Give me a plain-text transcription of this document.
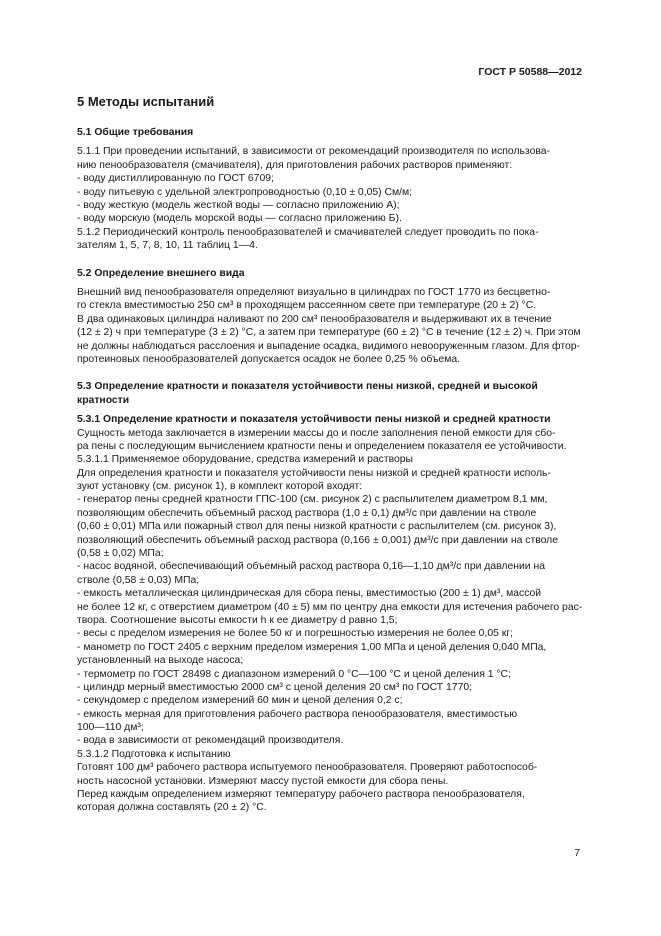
ГОСТ Р 50588—2012
5 Методы испытаний
5.1 Общие требования
5.1.1 При проведении испытаний, в зависимости от рекомендаций производителя по использова-
нию пенообразователя (смачивателя), для приготовления рабочих растворов применяют:
- воду дистиллированную по ГОСТ 6709;
- воду питьевую с удельной электропроводностью (0,10 ± 0,05) См/м;
- воду жесткую (модель жесткой воды — согласно приложению А);
- воду морскую (модель морской воды — согласно приложению Б).
5.1.2 Периодический контроль пенообразователей и смачивателей следует проводить по пока-
зателям 1, 5, 7, 8, 10, 11 таблиц 1—4.
5.2 Определение внешнего вида
Внешний вид пенообразователя определяют визуально в цилиндрах по ГОСТ 1770 из бесцветно-
го стекла вместимостью 250 см³ в проходящем рассеянном свете при температуре (20 ± 2) °С.
В два одинаковых цилиндра наливают по 200 см³ пенообразователя и выдерживают их в течение
(12 ± 2) ч при температуре (3 ± 2) °С, а затем при температуре (60 ± 2) °С в течение (12 ± 2) ч. При этом
не должны наблюдаться расслоения и выпадение осадка, видимого невооруженным глазом. Для фтор-
протеиновых пенообразователей допускается осадок не более 0,25 % объема.
5.3 Определение кратности и показателя устойчивости пены низкой, средней и высокой
кратности
5.3.1 Определение кратности и показателя устойчивости пены низкой и средней кратности
Сущность метода заключается в измерении массы до и после заполнения пеной емкости для сбо-
ра пены с последующим вычислением кратности пены и определением показателя ее устойчивости.
5.3.1.1 Применяемое оборудование, средства измерений и растворы
Для определения кратности и показателя устойчивости пены низкой и средней кратности исполь-
зуют установку (см. рисунок 1), в комплект которой входят:
- генератор пены средней кратности ГПС-100 (см. рисунок 2) с распылителем диаметром 8,1 мм,
позволяющим обеспечить объемный расход раствора (1,0 ± 0,1) дм³/с при давлении на стволе
(0,60 ± 0,01) МПа или пожарный ствол для пены низкой кратности с распылителем (см. рисунок 3),
позволяющий обеспечить объемный расход раствора (0,166 ± 0,001) дм³/с при давлении на стволе
(0,58 ± 0,02) МПа;
- насос водяной, обеспечивающий объемный расход раствора 0,16—1,10 дм³/с при давлении на
стволе (0,58 ± 0,03) МПа;
- емкость металлическая цилиндрическая для сбора пены, вместимостью (200 ± 1) дм³, массой
не более 12 кг, с отверстием диаметром (40 ± 5) мм по центру дна емкости для истечения рабочего рас-
твора. Соотношение высоты емкости h к ее диаметру d равно 1,5;
- весы с пределом измерения не более 50 кг и погрешностью измерения не более 0,05 кг;
- манометр по ГОСТ 2405 с верхним пределом измерения 1,00 МПа и ценой деления 0,040 МПа,
установленный на выходе насоса;
- термометр по ГОСТ 28498 с диапазоном измерений 0 °С—100 °С и ценой деления 1 °С;
- цилиндр мерный вместимостью 2000 см³ с ценой деления 20 см³ по ГОСТ 1770;
- секундомер с пределом измерений 60 мин и ценой деления 0,2 с;
- емкость мерная для приготовления рабочего раствора пенообразователя, вместимостью
100—110 дм³;
- вода в зависимости от рекомендаций производителя.
5.3.1.2 Подготовка к испытанию
Готовят 100 дм³ рабочего раствора испытуемого пенообразователя. Проверяют работоспособ-
ность насосной установки. Измеряют массу пустой емкости для сбора пены.
Перед каждым определением измеряют температуру рабочего раствора пенообразователя,
которая должна составлять (20 ± 2) °С.
7
